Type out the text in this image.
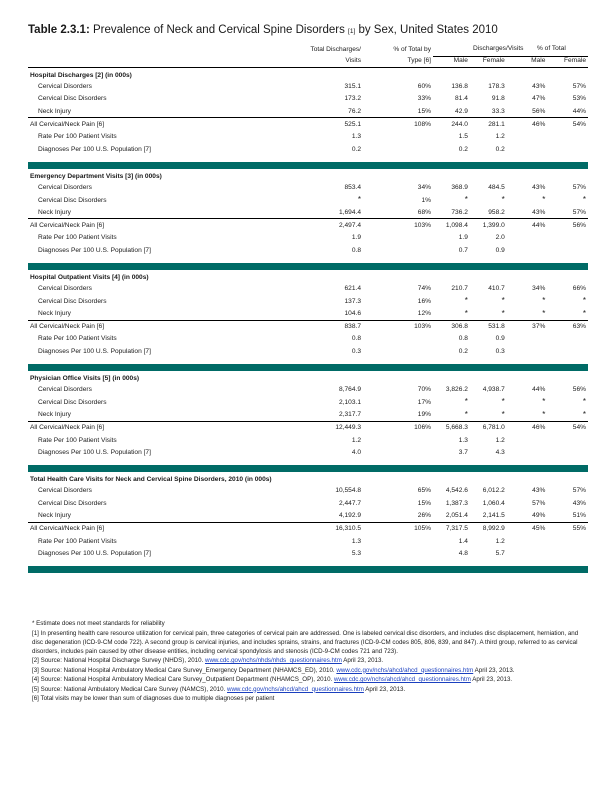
Table 2.3.1: Prevalence of Neck and Cervical Spine Disorders [1] by Sex, United States 2010
	Total Discharges/	% of Total by	Discharges/Visits		% of Total	
	Visits	Type [6]	Male	Female	Male	Female
Hospital Discharges [2] (in 000s)						
Cervical Disorders	315.1	60%	136.8	178.3	43%	57%
Cervical Disc Disorders	173.2	33%	81.4	91.8	47%	53%
Neck Injury	76.2	15%	42.9	33.3	56%	44%
All Cervical/Neck Pain [6]	525.1	108%	244.0	281.1	46%	54%
Rate Per 100 Patient Visits	1.3		1.5	1.2		
Diagnoses Per 100 U.S. Population [7]	0.2		0.2	0.2		

Emergency Department Visits [3] (in 000s)						
Cervical Disorders	853.4	34%	368.9	484.5	43%	57%
Cervical Disc Disorders	*	1%	*	*	*	*
Neck Injury	1,694.4	68%	736.2	958.2	43%	57%
All Cervical/Neck Pain [6]	2,497.4	103%	1,098.4	1,399.0	44%	56%
Rate Per 100 Patient Visits	1.9		1.9	2.0		
Diagnoses Per 100 U.S. Population [7]	0.8		0.7	0.9		

Hospital Outpatient Visits [4] (in 000s)						
Cervical Disorders	621.4	74%	210.7	410.7	34%	66%
Cervical Disc Disorders	137.3	16%	*	*	*	*
Neck Injury	104.6	12%	*	*	*	*
All Cervical/Neck Pain [6]	838.7	103%	306.8	531.8	37%	63%
Rate Per 100 Patient Visits	0.8		0.8	0.9		
Diagnoses Per 100 U.S. Population [7]	0.3		0.2	0.3		

Physician Office Visits [5] (in 000s)						
Cervical Disorders	8,764.9	70%	3,826.2	4,938.7	44%	56%
Cervical Disc Disorders	2,103.1	17%	*	*	*	*
Neck Injury	2,317.7	19%	*	*	*	*
All Cervical/Neck Pain [6]	12,449.3	106%	5,668.3	6,781.0	46%	54%
Rate Per 100 Patient Visits	1.2		1.3	1.2		
Diagnoses Per 100 U.S. Population [7]	4.0		3.7	4.3		

Total Health Care Visits for Neck and Cervical Spine Disorders, 2010 (in 000s)						
Cervical Disorders	10,554.8	65%	4,542.6	6,012.2	43%	57%
Cervical Disc Disorders	2,447.7	15%	1,387.3	1,060.4	57%	43%
Neck Injury	4,192.9	26%	2,051.4	2,141.5	49%	51%
All Cervical/Neck Pain [6]	16,310.5	105%	7,317.5	8,992.9	45%	55%
Rate Per 100 Patient Visits	1.3		1.4	1.2		
Diagnoses Per 100 U.S. Population [7]	5.3		4.8	5.7		

* Estimate does not meet standards for reliability

[1] In presenting health care resource utilization for cervical pain, three categories of cervical pain are addressed. One is labeled cervical disc disorders, and includes disc displacement, herniation, and disc degeneration (ICD-9-CM code 722). A second group is cervical injuries, and includes sprains, strains, and fractures (ICD-9-CM codes 805, 806, 839, and 847). A third group, referred to as cervical disorders, includes pain caused by other disease entities, including cervical spondylosis and stenosis (ICD-9-CM codes 721 and 723).

[2] Source: National Hospital Discharge Survey (NHDS), 2010. www.cdc.gov/nchs/nhds/nhds_questionnaires.htm April 23, 2013.

[3] Source: National Hospital Ambulatory Medical Care Survey_Emergency Department (NHAMCS_ED), 2010. www.cdc.gov/nchs/ahcd/ahcd_questionnaires.htm April 23, 2013.

[4] Source: National Hospital Ambulatory Medical Care Survey_Outpatient Department (NHAMCS_OP), 2010. www.cdc.gov/nchs/ahcd/ahcd_questionnaires.htm April 23, 2013.

[5] Source: National Ambulatory Medical Care Survey (NAMCS), 2010. www.cdc.gov/nchs/ahcd/ahcd_questionnaires.htm April 23, 2013.

[6] Total visits may be lower than sum of diagnoses due to multiple diagnoses per patient
